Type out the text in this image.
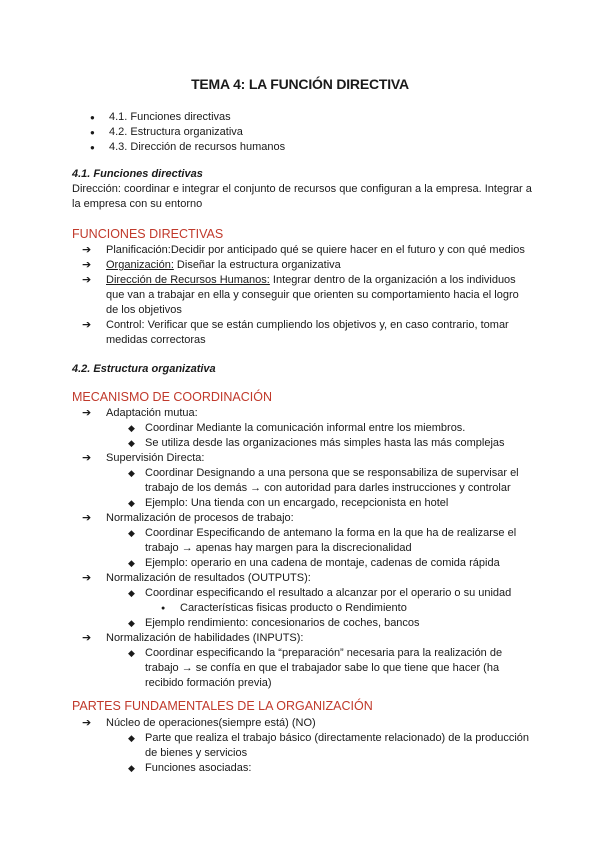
TEMA 4: LA FUNCIÓN DIRECTIVA
● 4.1. Funciones directivas
● 4.2. Estructura organizativa
● 4.3. Dirección de recursos humanos
4.1. Funciones directivas
Dirección: coordinar e integrar el conjunto de recursos que configuran a la empresa. Integrar a la empresa con su entorno
FUNCIONES DIRECTIVAS
➔ Planificación:Decidir por anticipado qué se quiere hacer en el futuro y con qué medios
➔ Organización: Diseñar la estructura organizativa
➔ Dirección de Recursos Humanos: Integrar dentro de la organización a los individuos que van a trabajar en ella y conseguir que orienten su comportamiento hacia el logro de los objetivos
➔ Control: Verificar que se están cumpliendo los objetivos y, en caso contrario, tomar medidas correctoras
4.2. Estructura organizativa
MECANISMO DE COORDINACIÓN
➔ Adaptación mutua:
◆ Coordinar Mediante la comunicación informal entre los miembros.
◆ Se utiliza desde las organizaciones más simples hasta las más complejas
➔ Supervisión Directa:
◆ Coordinar Designando a una persona que se responsabiliza de supervisar el trabajo de los demás → con autoridad para darles instrucciones y controlar
◆ Ejemplo: Una tienda con un encargado, recepcionista en hotel
➔ Normalización de procesos de trabajo:
◆ Coordinar Especificando de antemano la forma en la que ha de realizarse el trabajo → apenas hay margen para la discrecionalidad
◆ Ejemplo: operario en una cadena de montaje, cadenas de comida rápida
➔ Normalización de resultados (OUTPUTS):
◆ Coordinar especificando el resultado a alcanzar por el operario o su unidad
● Características fisicas producto o Rendimiento
◆ Ejemplo rendimiento: concesionarios de coches, bancos
➔ Normalización de habilidades (INPUTS):
◆ Coordinar especificando la “preparación” necesaria para la realización de trabajo → se confía en que el trabajador sabe lo que tiene que hacer (ha recibido formación previa)
PARTES FUNDAMENTALES DE LA ORGANIZACIÓN
➔ Núcleo de operaciones(siempre está) (NO)
◆ Parte que realiza el trabajo básico (directamente relacionado) de la producción de bienes y servicios
◆ Funciones asociadas:
